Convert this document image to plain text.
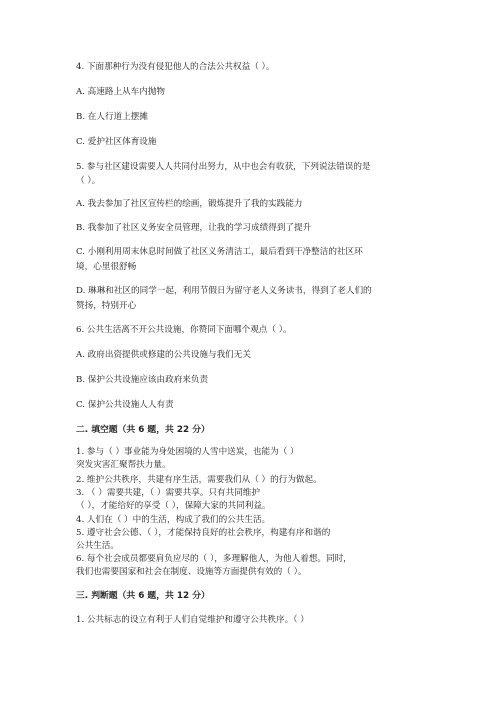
4. 下面那种行为没有侵犯他人的合法公共权益（ ）。
A. 高速路上从车内抛物
B. 在人行道上摆摊
C. 爱护社区体育设施
5. 参与社区建设需要人人共同付出努力，从中也会有收获，下列说法错误的是
（ ）。
A. 我去参加了社区宣传栏的绘画，锻炼提升了我的实践能力
B. 我参加了社区义务安全员管理，让我的学习成绩得到了提升
C. 小刚利用周末休息时间做了社区义务清洁工，最后看到干净整洁的社区环
境，心里很舒畅
D. 琳琳和社区的同学一起，利用节假日为留守老人义务读书，得到了老人们的
赞扬，特别开心
6. 公共生活离不开公共设施，你赞同下面哪个观点（ ）。
A. 政府出资提供或修建的公共设施与我们无关
B. 保护公共设施应该由政府来负责
C. 保护公共设施人人有责
二. 填空题（共 6 题，共 22 分）
1. 参与（ ）事业能为身处困境的人雪中送炭，也能为（ ）
突发灾害汇聚帮扶力量。
2. 维护公共秩序，共建有序生活，需要我们从（ ）的行为做起。
3. （ ）需要共建，（ ）需要共享。只有共同维护
（ ），才能给好的享受（ ），保障大家的共同利益。
4. 人们在（ ）中的生活，构成了我们的公共生活。
5. 遵守社会公德、（ ），才能保持良好的社会秩序，构建有序和谐的
公共生活。
6. 每个社会成员都要肩负应尽的（ ），多理解他人，为他人着想。同时，
我们也需要国家和社会在制度、设施等方面提供有效的（ ）。
三. 判断题（共 6 题，共 12 分）
1. 公共标志的设立有利于人们自觉维护和遵守公共秩序。（ ）
